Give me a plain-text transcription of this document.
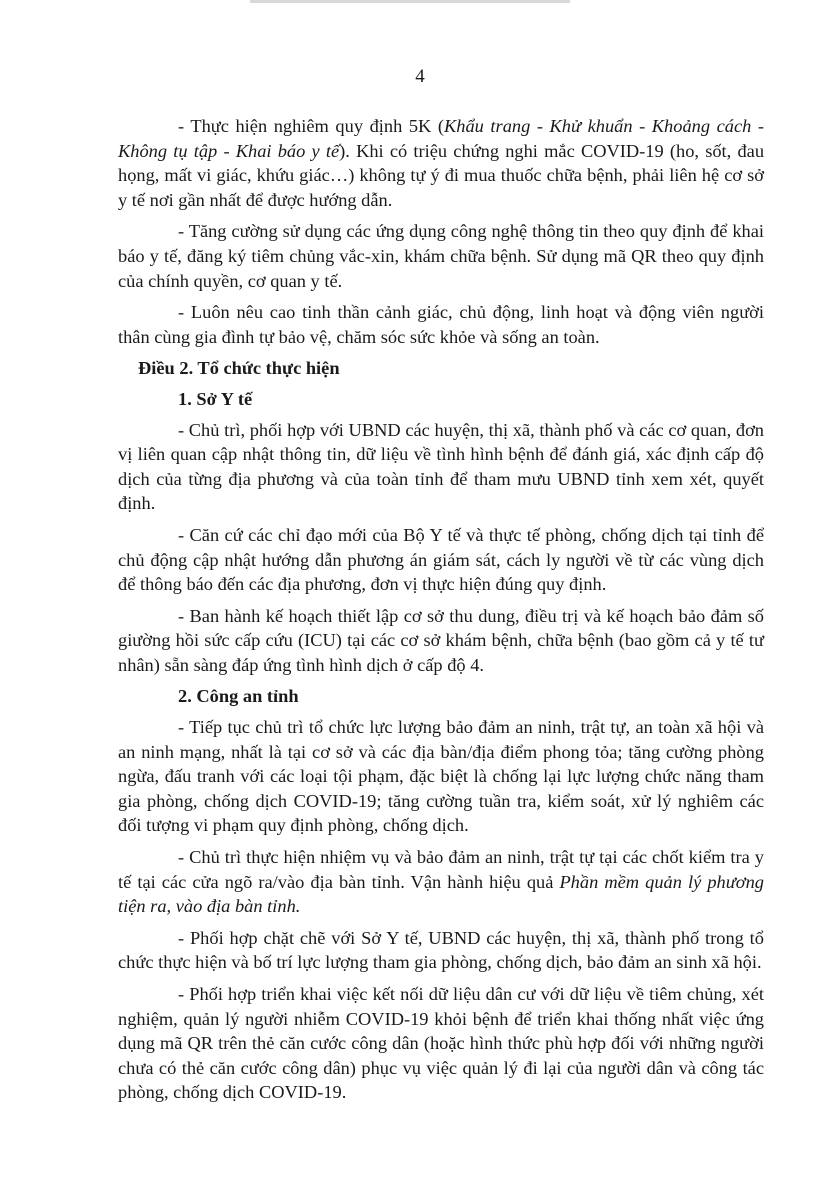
4

- Thực hiện nghiêm quy định 5K (Khẩu trang - Khử khuẩn - Khoảng cách - Không tụ tập - Khai báo y tế). Khi có triệu chứng nghi mắc COVID-19 (ho, sốt, đau họng, mất vi giác, khứu giác…) không tự ý đi mua thuốc chữa bệnh, phải liên hệ cơ sở y tế nơi gần nhất để được hướng dẫn.

- Tăng cường sử dụng các ứng dụng công nghệ thông tin theo quy định để khai báo y tế, đăng ký tiêm chủng vắc-xin, khám chữa bệnh. Sử dụng mã QR theo quy định của chính quyền, cơ quan y tế.

- Luôn nêu cao tinh thần cảnh giác, chủ động, linh hoạt và động viên người thân cùng gia đình tự bảo vệ, chăm sóc sức khỏe và sống an toàn.

Điều 2. Tổ chức thực hiện

1. Sở Y tế

- Chủ trì, phối hợp với UBND các huyện, thị xã, thành phố và các cơ quan, đơn vị liên quan cập nhật thông tin, dữ liệu về tình hình bệnh để đánh giá, xác định cấp độ dịch của từng địa phương và của toàn tỉnh để tham mưu UBND tỉnh xem xét, quyết định.

- Căn cứ các chỉ đạo mới của Bộ Y tế và thực tế phòng, chống dịch tại tỉnh để chủ động cập nhật hướng dẫn phương án giám sát, cách ly người về từ các vùng dịch để thông báo đến các địa phương, đơn vị thực hiện đúng quy định.

- Ban hành kế hoạch thiết lập cơ sở thu dung, điều trị và kế hoạch bảo đảm số giường hồi sức cấp cứu (ICU) tại các cơ sở khám bệnh, chữa bệnh (bao gồm cả y tế tư nhân) sẵn sàng đáp ứng tình hình dịch ở cấp độ 4.

2. Công an tỉnh

- Tiếp tục chủ trì tổ chức lực lượng bảo đảm an ninh, trật tự, an toàn xã hội và an ninh mạng, nhất là tại cơ sở và các địa bàn/địa điểm phong tỏa; tăng cường phòng ngừa, đấu tranh với các loại tội phạm, đặc biệt là chống lại lực lượng chức năng tham gia phòng, chống dịch COVID-19; tăng cường tuần tra, kiểm soát, xử lý nghiêm các đối tượng vi phạm quy định phòng, chống dịch.

- Chủ trì thực hiện nhiệm vụ và bảo đảm an ninh, trật tự tại các chốt kiểm tra y tế tại các cửa ngõ ra/vào địa bàn tỉnh. Vận hành hiệu quả Phần mềm quản lý phương tiện ra, vào địa bàn tỉnh.

- Phối hợp chặt chẽ với Sở Y tế, UBND các huyện, thị xã, thành phố trong tổ chức thực hiện và bố trí lực lượng tham gia phòng, chống dịch, bảo đảm an sinh xã hội.

- Phối hợp triển khai việc kết nối dữ liệu dân cư với dữ liệu về tiêm chủng, xét nghiệm, quản lý người nhiễm COVID-19 khỏi bệnh để triển khai thống nhất việc ứng dụng mã QR trên thẻ căn cước công dân (hoặc hình thức phù hợp đối với những người chưa có thẻ căn cước công dân) phục vụ việc quản lý đi lại của người dân và công tác phòng, chống dịch COVID-19.
